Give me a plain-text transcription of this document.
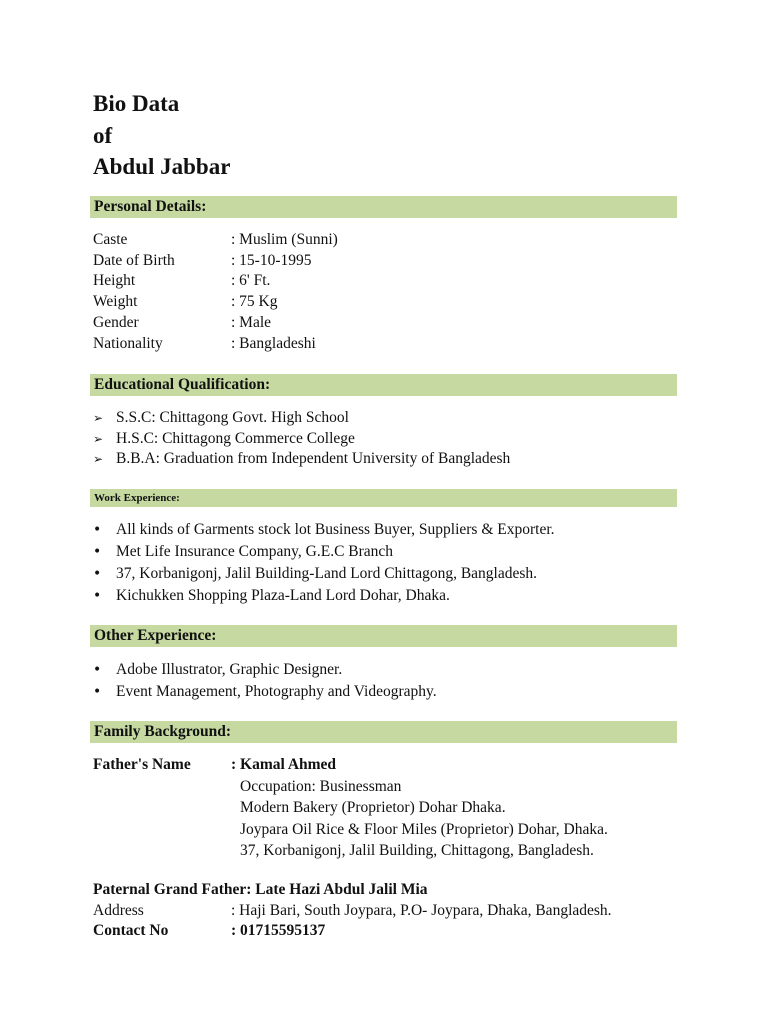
Bio Data
of
Abdul Jabbar
Personal Details:
Caste	: Muslim (Sunni)
Date of Birth	: 15-10-1995
Height	: 6' Ft.
Weight	: 75 Kg
Gender	: Male
Nationality	: Bangladeshi
Educational Qualification:
➢ S.S.C: Chittagong Govt. High School
➢ H.S.C: Chittagong Commerce College
➢ B.B.A: Graduation from Independent University of Bangladesh
Work Experience:
• All kinds of Garments stock lot Business Buyer, Suppliers & Exporter.
• Met Life Insurance Company, G.E.C Branch
• 37, Korbanigonj, Jalil Building-Land Lord Chittagong, Bangladesh.
• Kichukken Shopping Plaza-Land Lord Dohar, Dhaka.
Other Experience:
• Adobe Illustrator, Graphic Designer.
• Event Management, Photography and Videography.
Family Background:
Father's Name	: Kamal Ahmed
Occupation: Businessman
Modern Bakery (Proprietor) Dohar Dhaka.
Joypara Oil Rice & Floor Miles (Proprietor) Dohar, Dhaka.
37, Korbanigonj, Jalil Building, Chittagong, Bangladesh.
Paternal Grand Father: Late Hazi Abdul Jalil Mia
Address	: Haji Bari, South Joypara, P.O- Joypara, Dhaka, Bangladesh.
Contact No	: 01715595137
